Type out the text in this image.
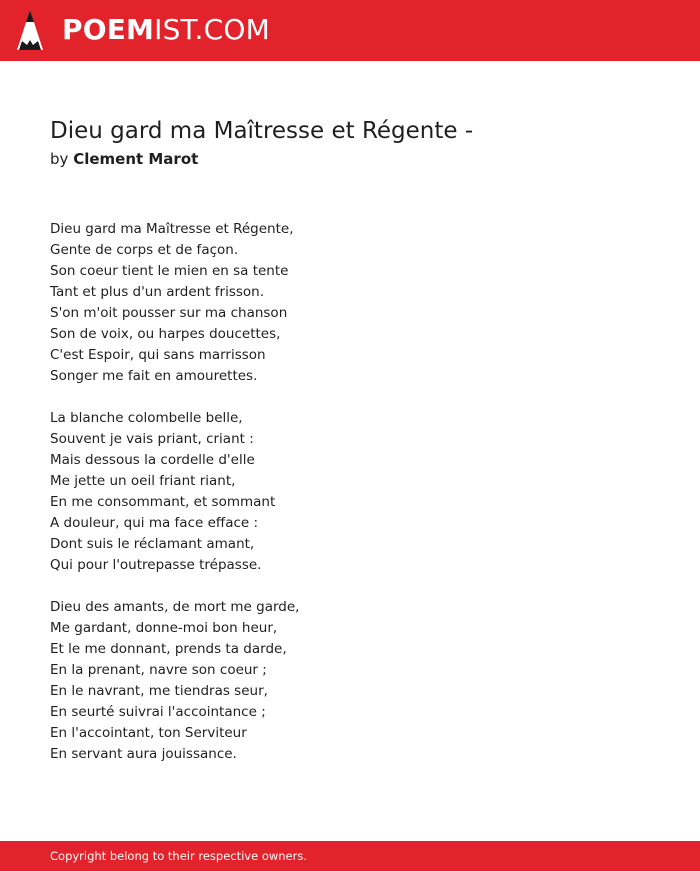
POEMIST.COM
Dieu gard ma Maîtresse et Régente -
by Clement Marot
Dieu gard ma Maîtresse et Régente,
Gente de corps et de façon.
Son coeur tient le mien en sa tente
Tant et plus d'un ardent frisson.
S'on m'oit pousser sur ma chanson
Son de voix, ou harpes doucettes,
C'est Espoir, qui sans marrisson
Songer me fait en amourettes.
La blanche colombelle belle,
Souvent je vais priant, criant :
Mais dessous la cordelle d'elle
Me jette un oeil friant riant,
En me consommant, et sommant
A douleur, qui ma face efface :
Dont suis le réclamant amant,
Qui pour l'outrepasse trépasse.
Dieu des amants, de mort me garde,
Me gardant, donne-moi bon heur,
Et le me donnant, prends ta darde,
En la prenant, navre son coeur ;
En le navrant, me tiendras seur,
En seurté suivrai l'accointance ;
En l'accointant, ton Serviteur
En servant aura jouissance.
Copyright belong to their respective owners.
